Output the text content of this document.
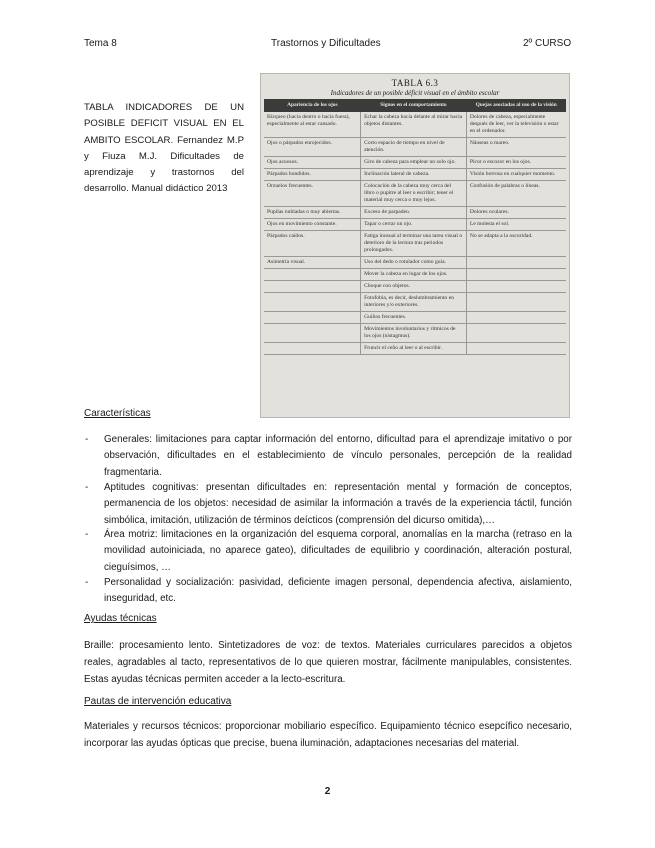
Tema 8	Trastornos y Dificultades	2º CURSO
TABLA INDICADORES DE UN POSIBLE DEFICIT VISUAL EN EL AMBITO ESCOLAR. Fernandez M.P y Fiuza M.J. Dificultades de aprendizaje y trastornos del desarrollo. Manual didáctico 2013
TABLA 6.3
Indicadores de un posible déficit visual en el ámbito escolar
Apariencia de los ojos	Signos en el comportamiento	Quejas asociadas al uso de la visión
Bizqueo (hacia dentro o hacia fuera), especialmente al estar cansado.	Echar la cabeza hacia delante al mirar hacia objetos distantes.	Dolores de cabeza, especialmente después de leer, ver la televisión o estar en el ordenador.
Ojos o párpados enrojecidos.	Corto espacio de tiempo en nivel de atención.	Náuseas o mareo.
Ojos acuosos.	Giro de cabeza para emplear un solo ojo.	Picor o escozor en los ojos.
Párpados hundidos.	Inclinación lateral de cabeza.	Visión borrosa en cualquier momento.
Orzuelos frecuentes.	Colocación de la cabeza muy cerca del libro o pupitre al leer o escribir; tener el material muy cerca o muy lejos.	Confusión de palabras o líneas.
Pupilas nubladas o muy abiertas.	Exceso de parpadeo.	Dolores oculares.
Ojos en movimiento constante.	Tapar o cerrar un ojo.	Le molesta el sol.
Párpados caídos.	Fatiga inusual al terminar una tarea visual o deterioro de la lectura tras periodos prolongados.	No se adapta a la oscuridad.
Asimetría visual.	Uso del dedo o rotulador como guía.	
	Mover la cabeza en lugar de los ojos.	
	Choque con objetos.	
	Fotofobia, es decir, deslumbramiento en interiores y/o exteriores.	
	Guiños frecuentes.	
	Movimientos involuntarios y rítmicos de los ojos (nistagmus).	
	Fruncir el ceño al leer o al escribir.	
Características
- Generales: limitaciones para captar información del entorno, dificultad para el aprendizaje imitativo o por observación, dificultades en el establecimiento de vínculo personales, percepción de la realidad fragmentaria.
- Aptitudes cognitivas: presentan dificultades en: representación mental y formación de conceptos, permanencia de los objetos: necesidad de asimilar la información a través de la experiencia táctil, función simbólica, imitación, utilización de términos deícticos (comprensión del dicurso omitida),…
- Área motriz: limitaciones en la organización del esquema corporal, anomalías en la marcha (retraso en la movilidad autoiniciada, no aparece gateo), dificultades de equilibrio y coordinación, alteración postural, cieguísimos, …
- Personalidad y socialización: pasividad, deficiente imagen personal, dependencia afectiva, aislamiento, inseguridad, etc.
Ayudas técnicas
Braille: procesamiento lento. Sintetizadores de voz: de textos. Materiales curriculares parecidos a objetos reales, agradables al tacto, representativos de lo que quieren mostrar, fácilmente manipulables, consistentes. Estas ayudas técnicas permiten acceder a la lecto-escritura.
Pautas de intervención educativa
Materiales y recursos técnicos: proporcionar mobiliario específico. Equipamiento técnico esepcífico necesario, incorporar las ayudas ópticas que precise, buena iluminación, adaptaciones necesarias del material.
2
